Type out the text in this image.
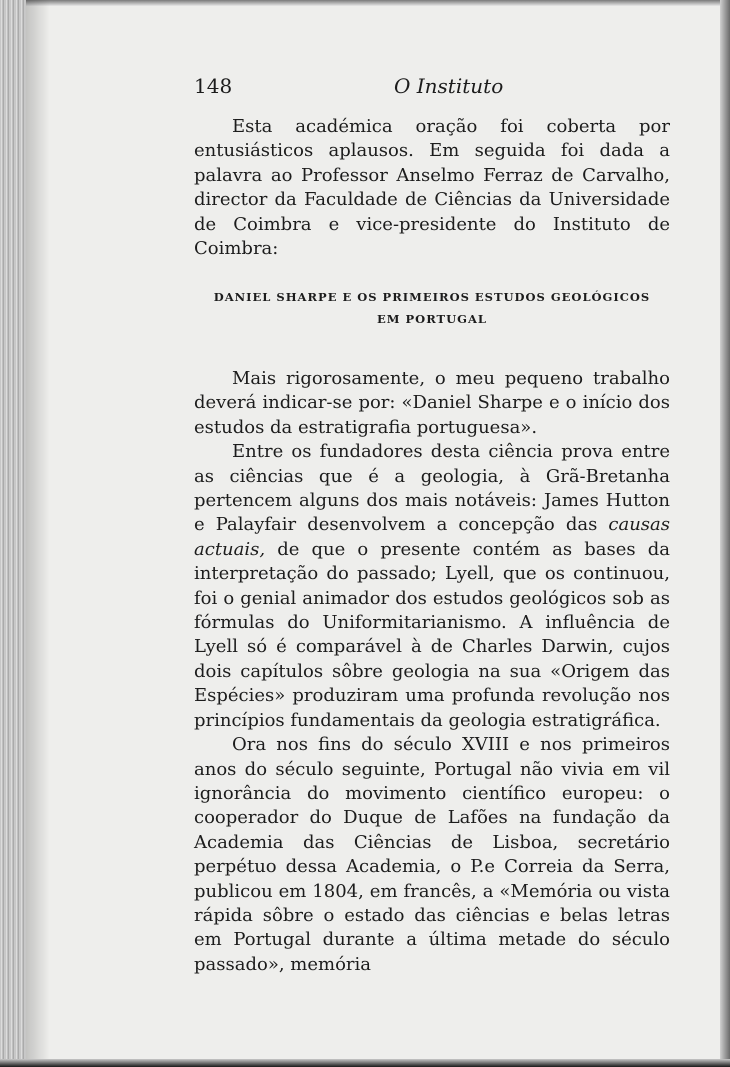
148	O Instituto

Esta académica oração foi coberta por entusiásticos aplausos. Em seguida foi dada a palavra ao Professor Anselmo Ferraz de Carvalho, director da Faculdade de Ciências da Universidade de Coimbra e vice-presidente do Instituto de Coimbra:

DANIEL SHARPE E OS PRIMEIROS ESTUDOS GEOLÓGICOS
EM PORTUGAL

Mais rigorosamente, o meu pequeno trabalho deverá indicar-se por: «Daniel Sharpe e o início dos estudos da estratigrafia portuguesa».

Entre os fundadores desta ciência prova entre as ciências que é a geologia, à Grã-Bretanha pertencem alguns dos mais notáveis: James Hutton e Palayfair desenvolvem a concepção das causas actuais, de que o presente contém as bases da interpretação do passado; Lyell, que os continuou, foi o genial animador dos estudos geológicos sob as fórmulas do Uniformitarianismo. A influência de Lyell só é comparável à de Charles Darwin, cujos dois capítulos sôbre geologia na sua «Origem das Espécies» produziram uma profunda revolução nos princípios fundamentais da geologia estratigráfica.

Ora nos fins do século XVIII e nos primeiros anos do século seguinte, Portugal não vivia em vil ignorância do movimento científico europeu: o cooperador do Duque de Lafões na fundação da Academia das Ciências de Lisboa, secretário perpétuo dessa Academia, o P.e Correia da Serra, publicou em 1804, em francês, a «Memória ou vista rápida sôbre o estado das ciências e belas letras em Portugal durante a última metade do século passado», memória
